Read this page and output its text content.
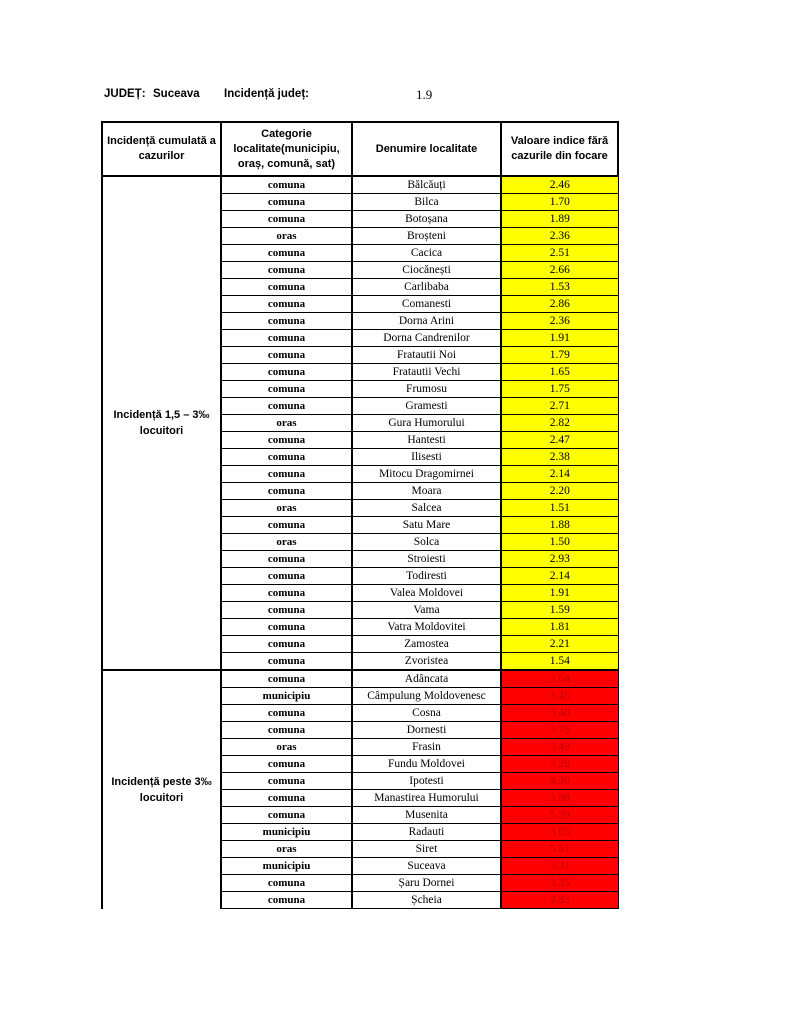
JUDEȚ: Suceava Incidență județ:	1.9
Incidență cumulată a cazurilor	Categorie localitate(municipiu, oraș, comună, sat)	Denumire localitate	Valoare indice fără cazurile din focare
Incidență 1,5 – 3‰ locuitori	comuna	Bălcăuți	2.46
	comuna	Bilca	1.70
	comuna	Botoșana	1.89
	oras	Broșteni	2.36
	comuna	Cacica	2.51
	comuna	Ciocănești	2.66
	comuna	Carlibaba	1.53
	comuna	Comanesti	2.86
	comuna	Dorna Arini	2.36
	comuna	Dorna Candrenilor	1.91
	comuna	Fratautii Noi	1.79
	comuna	Fratautii Vechi	1.65
	comuna	Frumosu	1.75
	comuna	Gramesti	2.71
	oras	Gura Humorului	2.82
	comuna	Hantesti	2.47
	comuna	Ilisesti	2.38
	comuna	Mitocu Dragomirnei	2.14
	comuna	Moara	2.20
	oras	Salcea	1.51
	comuna	Satu Mare	1.88
	oras	Solca	1.50
	comuna	Stroiesti	2.93
	comuna	Todiresti	2.14
	comuna	Valea Moldovei	1.91
	comuna	Vama	1.59
	comuna	Vatra Moldovitei	1.81
	comuna	Zamostea	2.21
	comuna	Zvoristea	1.54
Incidență peste 3‰ locuitori	comuna	Adâncata	3.64
	municipiu	Câmpulung Moldovenesc	3.45
	comuna	Cosna	3.40
	comuna	Dornesti	3.75
	oras	Frasin	3.49
	comuna	Fundu Moldovei	3.28
	comuna	Ipotesti	4.30
	comuna	Manastirea Humorului	3.88
	comuna	Musenita	5.39
	municipiu	Radauti	3.65
	oras	Siret	5.51
	municipiu	Suceava	3.31
	comuna	Șaru Dornei	3.35
	comuna	Șcheia	3.83
